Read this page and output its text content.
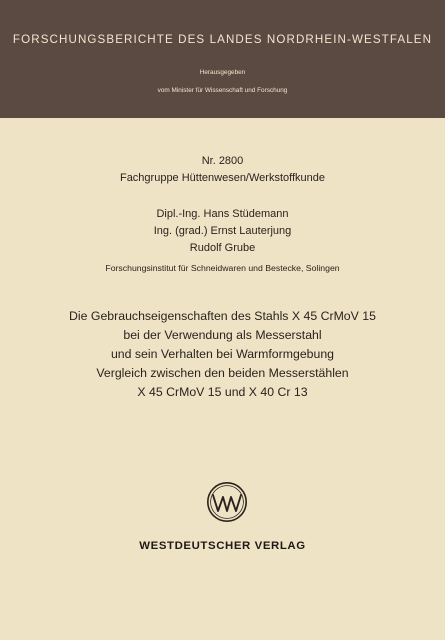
FORSCHUNGSBERICHTE DES LANDES NORDRHEIN-WESTFALEN
Herausgegeben
vom Minister für Wissenschaft und Forschung
Nr. 2800
Fachgruppe Hüttenwesen/Werkstoffkunde
Dipl.-Ing. Hans Stüdemann
Ing. (grad.) Ernst Lauterjung
Rudolf Grube
Forschungsinstitut für Schneidwaren und Bestecke, Solingen
Die Gebrauchseigenschaften des Stahls X 45 CrMoV 15
bei der Verwendung als Messerstahl
und sein Verhalten bei Warmformgebung
Vergleich zwischen den beiden Messerstählen
X 45 CrMoV 15 und X 40 Cr 13
WESTDEUTSCHER VERLAG
